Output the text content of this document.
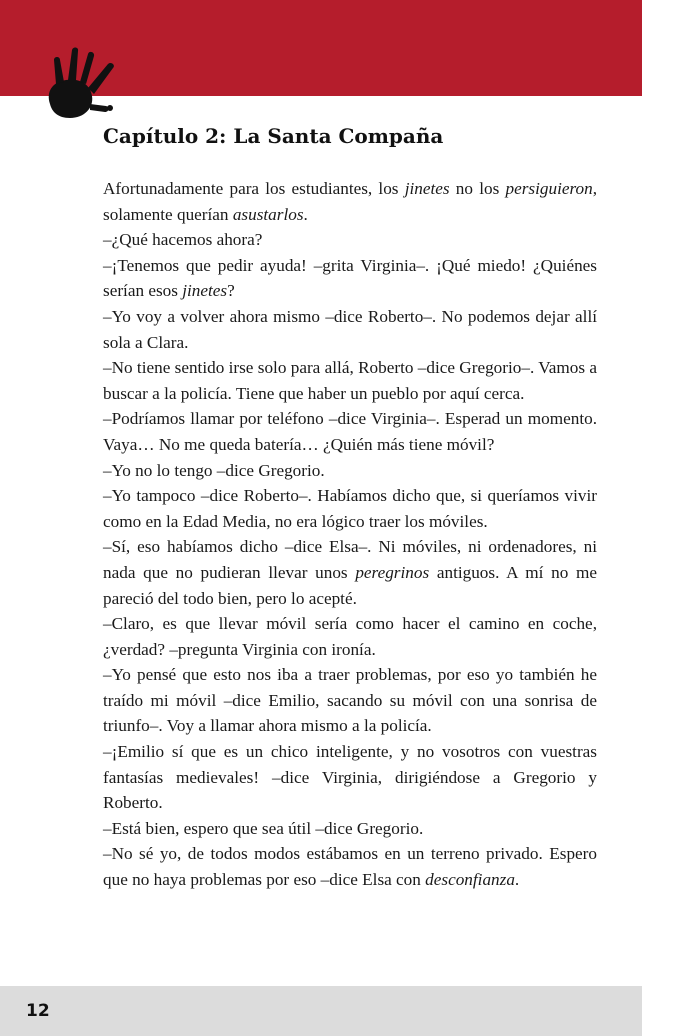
Capítulo 2: La Santa Compaña
Afortunadamente para los estudiantes, los jinetes no los persiguieron, solamente querían asustarlos.
–¿Qué hacemos ahora?
–¡Tenemos que pedir ayuda! –grita Virginia–. ¡Qué miedo! ¿Quiénes serían esos jinetes?
–Yo voy a volver ahora mismo –dice Roberto–. No podemos dejar allí sola a Clara.
–No tiene sentido irse solo para allá, Roberto –dice Gregorio–. Vamos a buscar a la policía. Tiene que haber un pueblo por aquí cerca.
–Podríamos llamar por teléfono –dice Virginia–. Esperad un momento. Vaya… No me queda batería… ¿Quién más tiene móvil?
–Yo no lo tengo –dice Gregorio.
–Yo tampoco –dice Roberto–. Habíamos dicho que, si queríamos vivir como en la Edad Media, no era lógico traer los móviles.
–Sí, eso habíamos dicho –dice Elsa–. Ni móviles, ni ordenadores, ni nada que no pudieran llevar unos peregrinos antiguos. A mí no me pareció del todo bien, pero lo acepté.
–Claro, es que llevar móvil sería como hacer el camino en coche, ¿verdad? –pregunta Virginia con ironía.
–Yo pensé que esto nos iba a traer problemas, por eso yo también he traído mi móvil –dice Emilio, sacando su móvil con una sonrisa de triunfo–. Voy a llamar ahora mismo a la policía.
–¡Emilio sí que es un chico inteligente, y no vosotros con vuestras fantasías medievales! –dice Virginia, dirigiéndose a Gregorio y Roberto.
–Está bien, espero que sea útil –dice Gregorio.
–No sé yo, de todos modos estábamos en un terreno privado. Espero que no haya problemas por eso –dice Elsa con desconfianza.
12
